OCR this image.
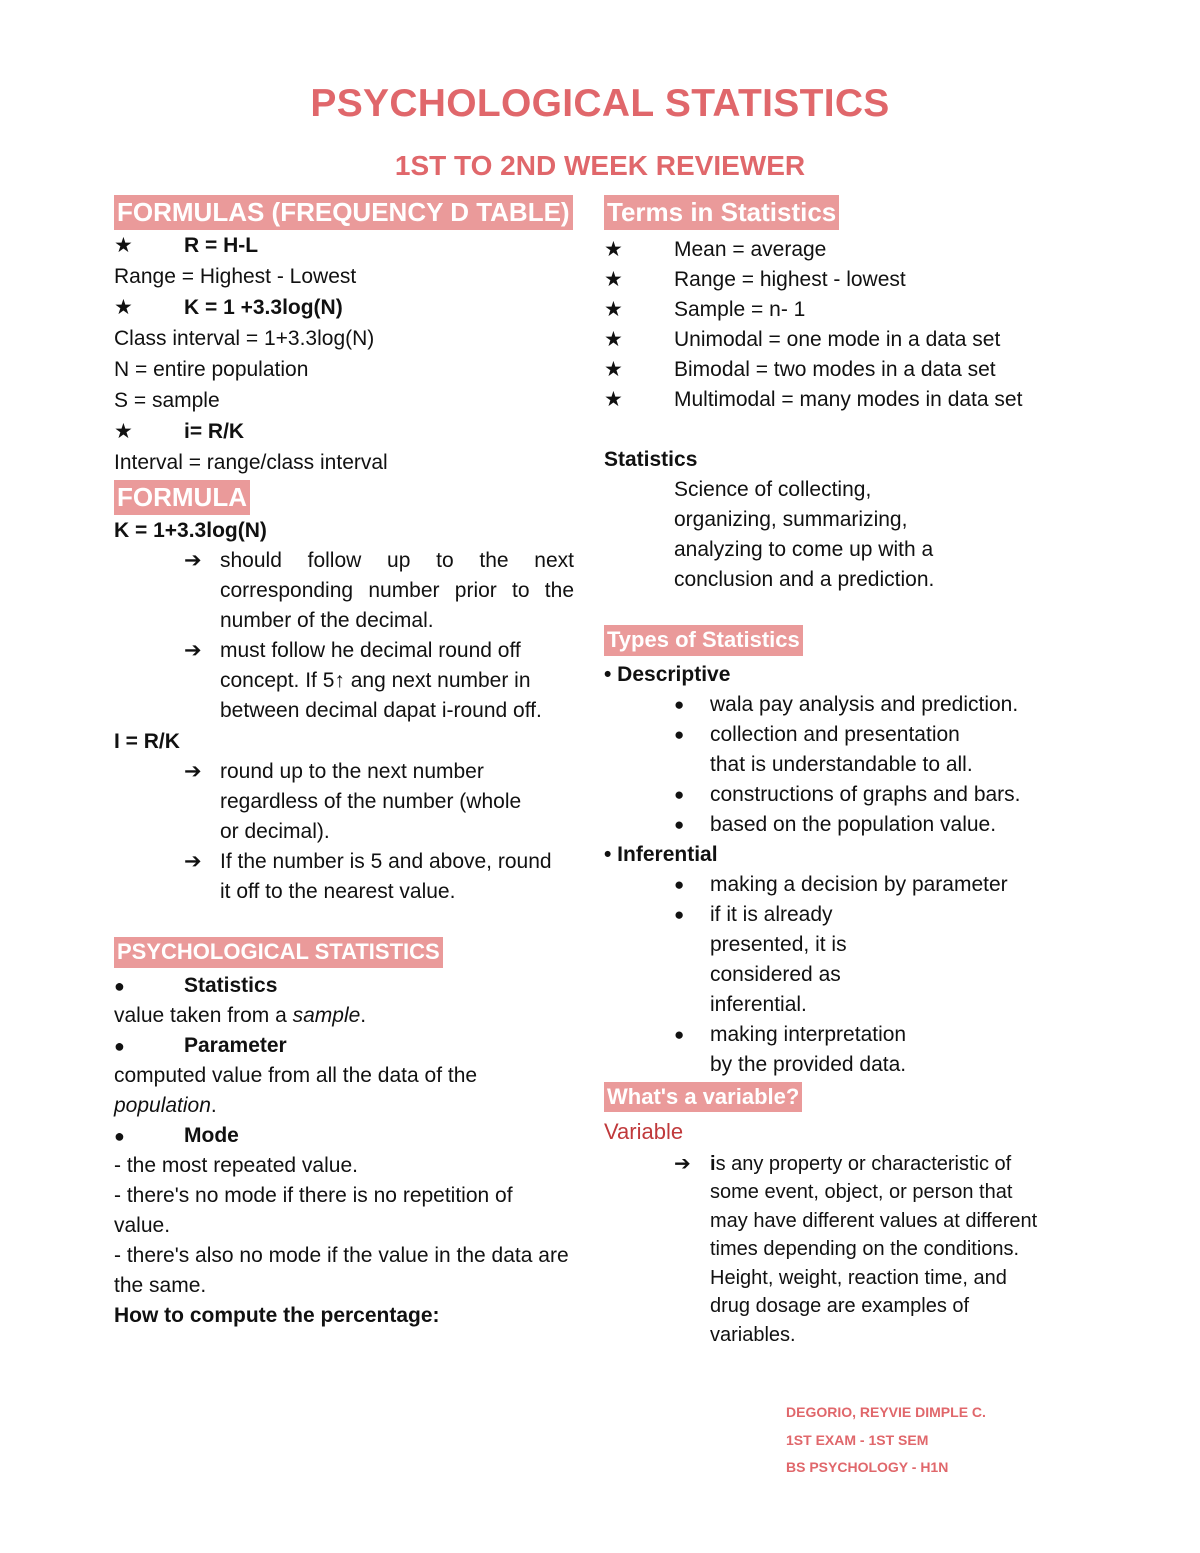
PSYCHOLOGICAL STATISTICS
1ST TO 2ND WEEK REVIEWER
FORMULAS (FREQUENCY D TABLE)
★	R = H-L
Range = Highest - Lowest
★	K = 1 +3.3log(N)
Class interval = 1+3.3log(N)
N = entire population
S = sample
★	i= R/K
Interval = range/class interval
FORMULA
K = 1+3.3log(N)
➔ should follow up to the next corresponding number prior to the number of the decimal.
➔ must follow he decimal round off concept. If 5↑ ang next number in between decimal dapat i-round off.
I = R/K
➔ round up to the next number regardless of the number (whole or decimal).
➔ If the number is 5 and above, round it off to the nearest value.
PSYCHOLOGICAL STATISTICS
●	Statistics
value taken from a sample.
●	Parameter
computed value from all the data of the
population.
●	Mode
- the most repeated value.
- there's no mode if there is no repetition of value.
- there's also no mode if the value in the data are the same.
How to compute the percentage:
Terms in Statistics
★	Mean = average
★	Range = highest - lowest
★	Sample = n- 1
★	Unimodal = one mode in a data set
★	Bimodal = two modes in a data set
★	Multimodal = many modes in data set
Statistics
Science of collecting, organizing, summarizing, analyzing to come up with a conclusion and a prediction.
Types of Statistics
• Descriptive
●	wala pay analysis and prediction.
●	collection and presentation that is understandable to all.
●	constructions of graphs and bars.
●	based on the population value.
• Inferential
●	making a decision by parameter
●	if it is already presented, it is considered as inferential.
●	making interpretation by the provided data.
What's a variable?
Variable
➔ is any property or characteristic of some event, object, or person that may have different values at different times depending on the conditions. Height, weight, reaction time, and drug dosage are examples of variables.
DEGORIO, REYVIE DIMPLE C.
1ST EXAM - 1ST SEM
BS PSYCHOLOGY - H1N
